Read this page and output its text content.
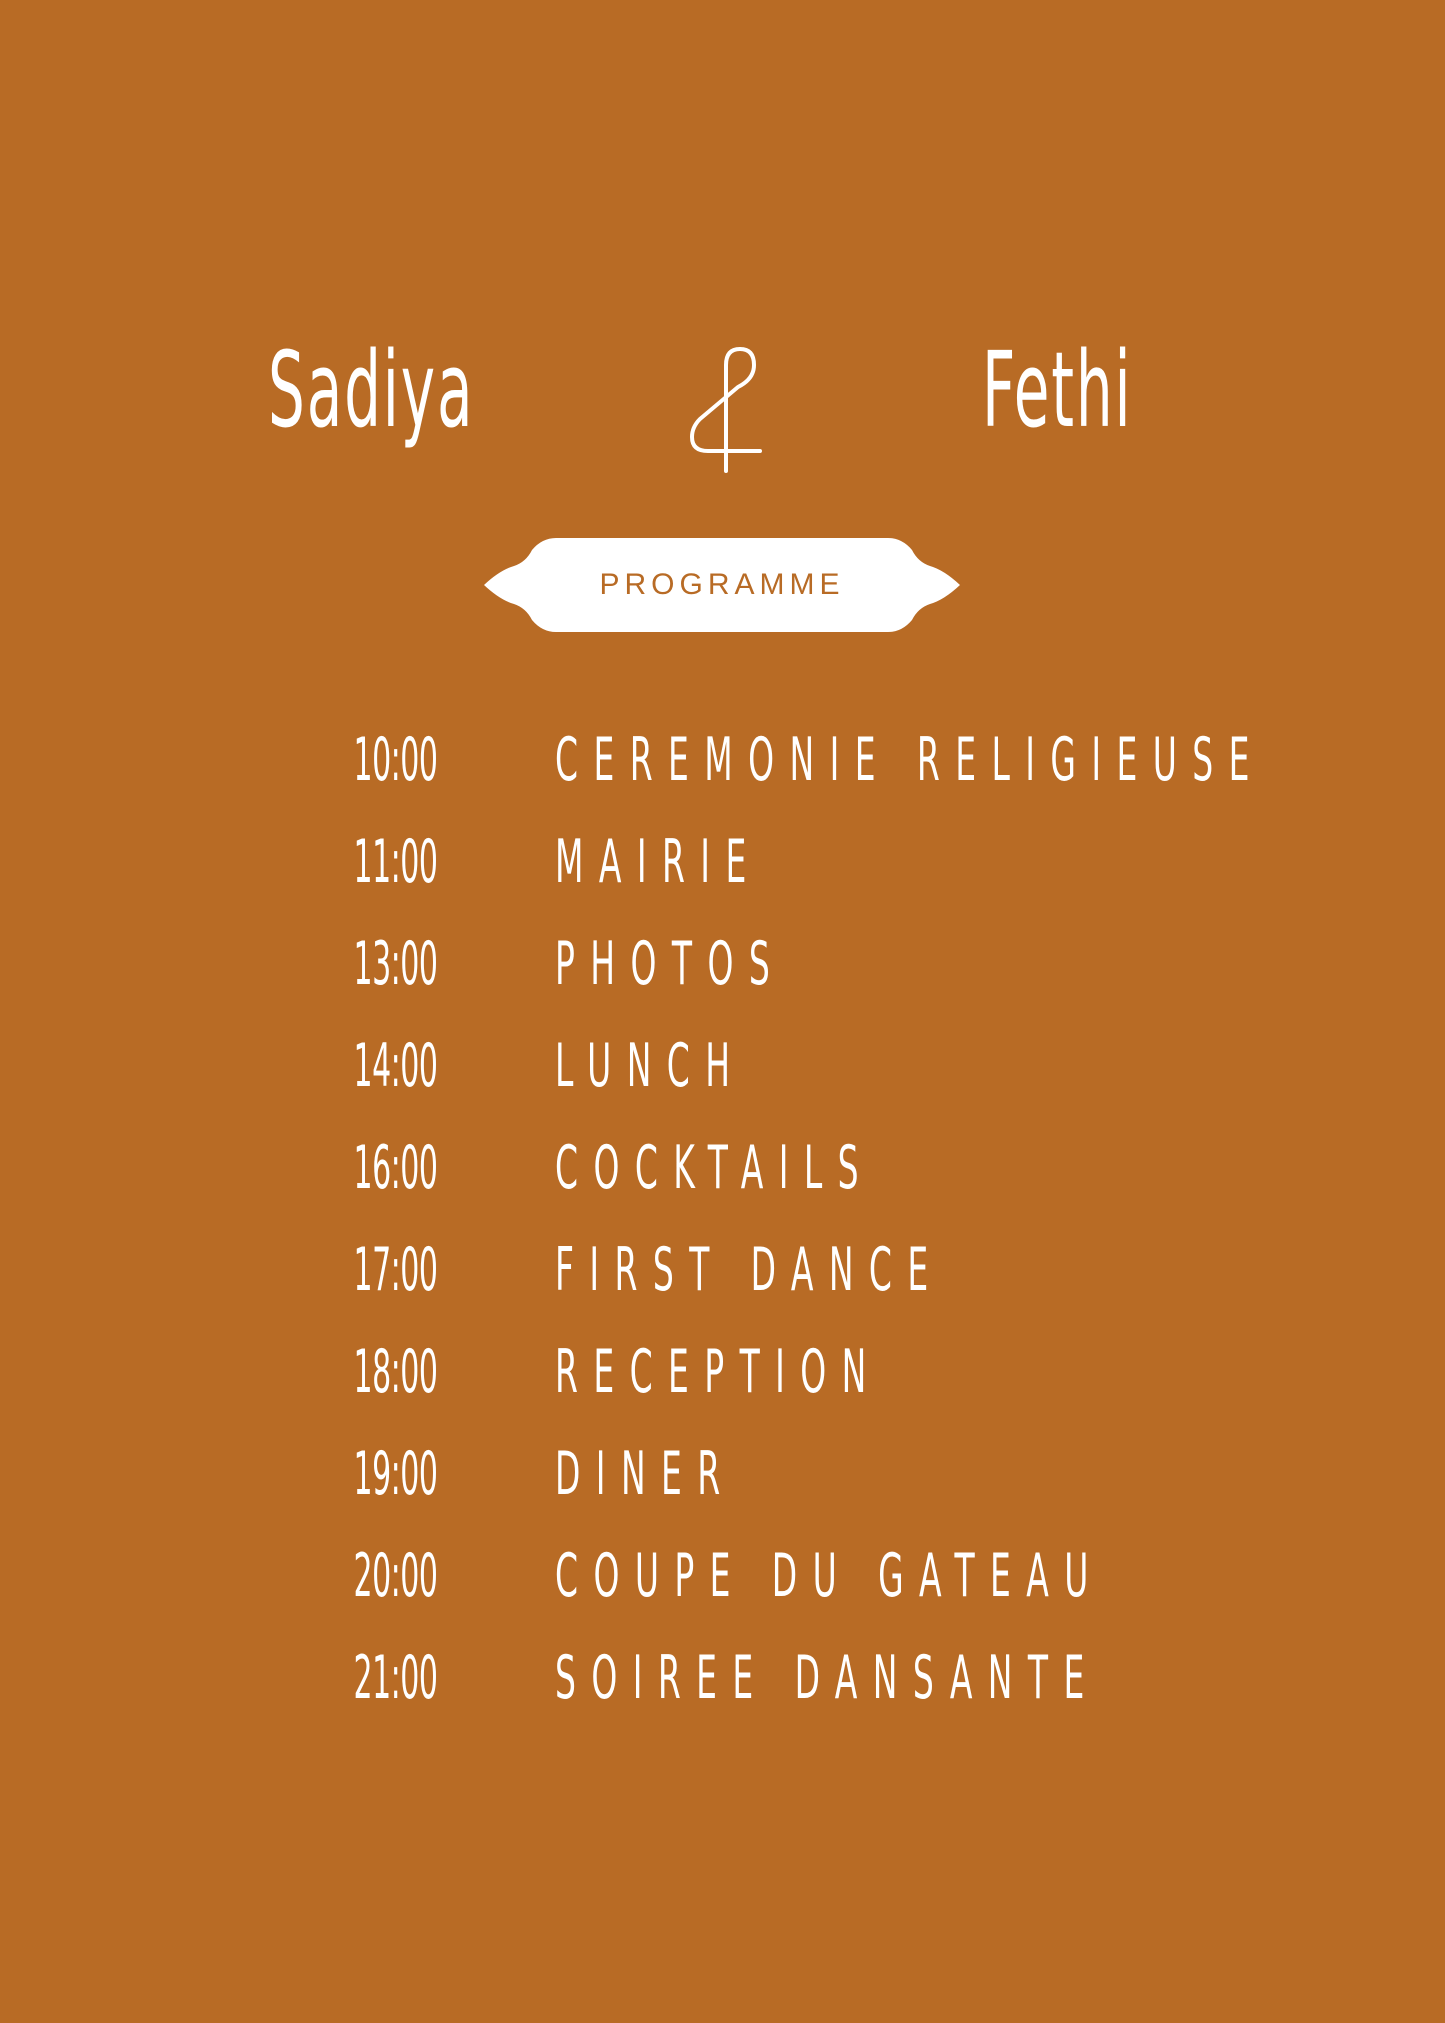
Sadiya	Fethi
PROGRAMME
10:00 CEREMONIE RELIGIEUSE
11:00 MAIRIE
13:00 PHOTOS
14:00 LUNCH
16:00 COCKTAILS
17:00 FIRST DANCE
18:00 RECEPTION
19:00 DINER
20:00 COUPE DU GATEAU
21:00 SOIREE DANSANTE
